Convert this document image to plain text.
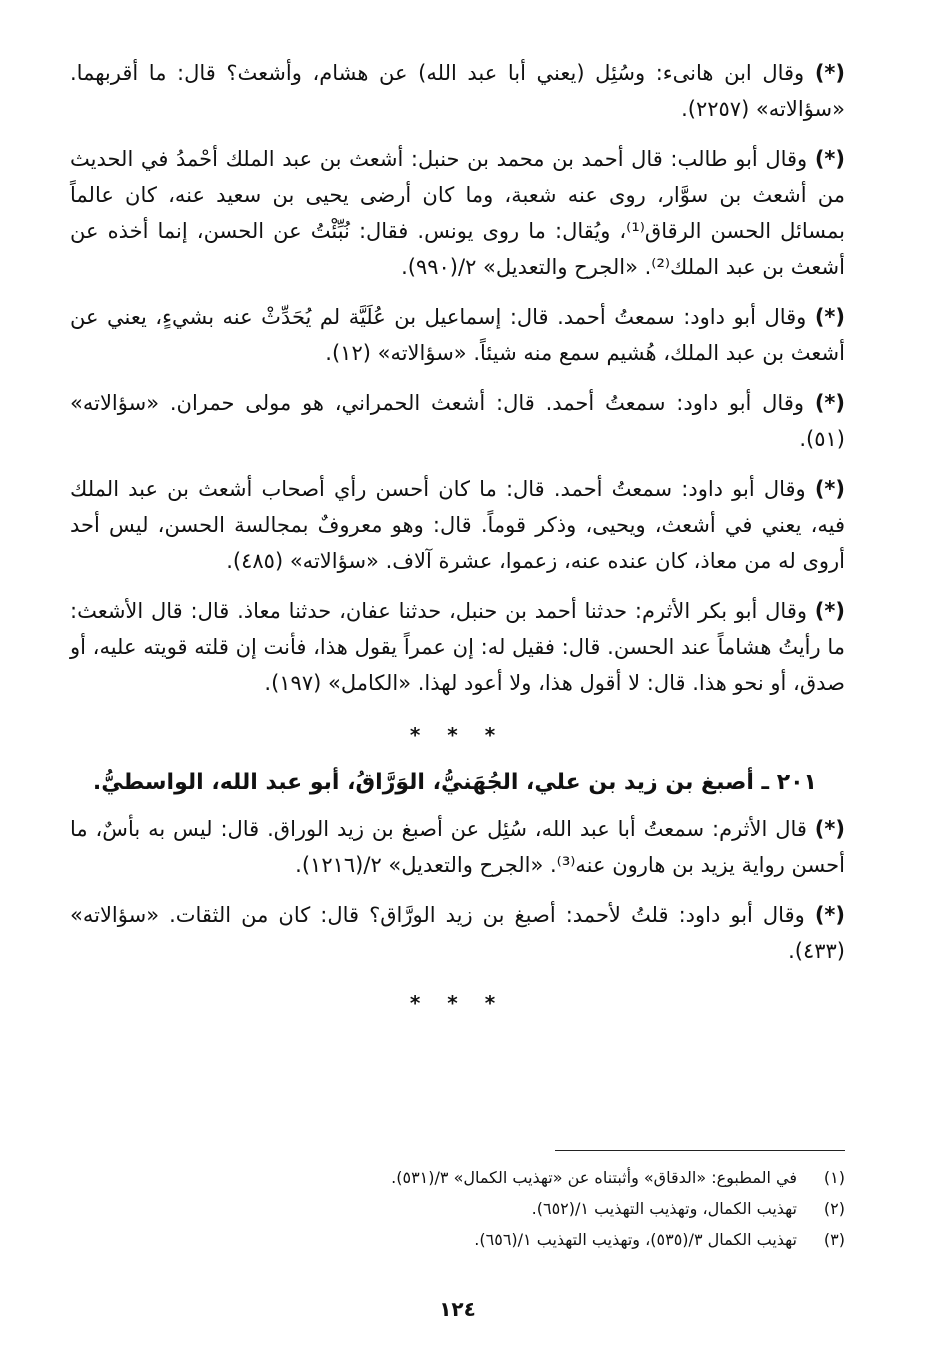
(*) وقال ابن هانىء: وسُئِل (يعني أبا عبد الله) عن هشام، وأشعث؟ قال: ما أقربهما. «سؤالاته» (٢٢٥٧).
(*) وقال أبو طالب: قال أحمد بن محمد بن حنبل: أشعث بن عبد الملك أحْمدُ في الحديث من أشعث بن سوَّار، روى عنه شعبة، وما كان أرضى يحيى بن سعيد عنه، كان عالماً بمسائل الحسن الرقاق⁽¹⁾، ويُقال: ما روى يونس. فقال: نُبِّئْتُ عن الحسن، إنما أخذه عن أشعث بن عبد الملك⁽²⁾. «الجرح والتعديل» ٢/(٩٩٠).
(*) وقال أبو داود: سمعتُ أحمد. قال: إسماعيل بن عُلَيَّة لم يُحَدِّثْ عنه بشيءٍ، يعني عن أشعث بن عبد الملك، هُشيم سمع منه شيئاً. «سؤالاته» (١٢).
(*) وقال أبو داود: سمعتُ أحمد. قال: أشعث الحمراني، هو مولى حمران. «سؤالاته» (٥١).
(*) وقال أبو داود: سمعتُ أحمد. قال: ما كان أحسن رأي أصحاب أشعث بن عبد الملك فيه، يعني في أشعث، ويحيى، وذكر قوماً. قال: وهو معروفٌ بمجالسة الحسن، ليس أحد أروى له من معاذ، كان عنده عنه، زعموا، عشرة آلاف. «سؤالاته» (٤٨٥).
(*) وقال أبو بكر الأثرم: حدثنا أحمد بن حنبل، حدثنا عفان، حدثنا معاذ. قال: قال الأشعث: ما رأيتُ هشاماً عند الحسن. قال: فقيل له: إن عمراً يقول هذا، فأنت إن قلته قويته عليه، أو صدق، أو نحو هذا. قال: لا أقول هذا، ولا أعود لهذا. «الكامل» (١٩٧).
* * *
٢٠١ ـ أصبغ بن زيد بن علي، الجُهَنيُّ، الوَرَّاقُ، أبو عبد الله، الواسطيُّ.
(*) قال الأثرم: سمعتُ أبا عبد الله، سُئِل عن أصبغ بن زيد الوراق. قال: ليس به بأسٌ، ما أحسن رواية يزيد بن هارون عنه⁽³⁾. «الجرح والتعديل» ٢/(١٢١٦).
(*) وقال أبو داود: قلتُ لأحمد: أصبغ بن زيد الورَّاق؟ قال: كان من الثقات. «سؤالاته» (٤٣٣).
* * *
(١)
في المطبوع: «الدقاق» وأثبتناه عن «تهذيب الكمال» ٣/(٥٣١).
(٢)
تهذيب الكمال، وتهذيب التهذيب ١/(٦٥٢).
(٣)
تهذيب الكمال ٣/(٥٣٥)، وتهذيب التهذيب ١/(٦٥٦).
١٢٤
